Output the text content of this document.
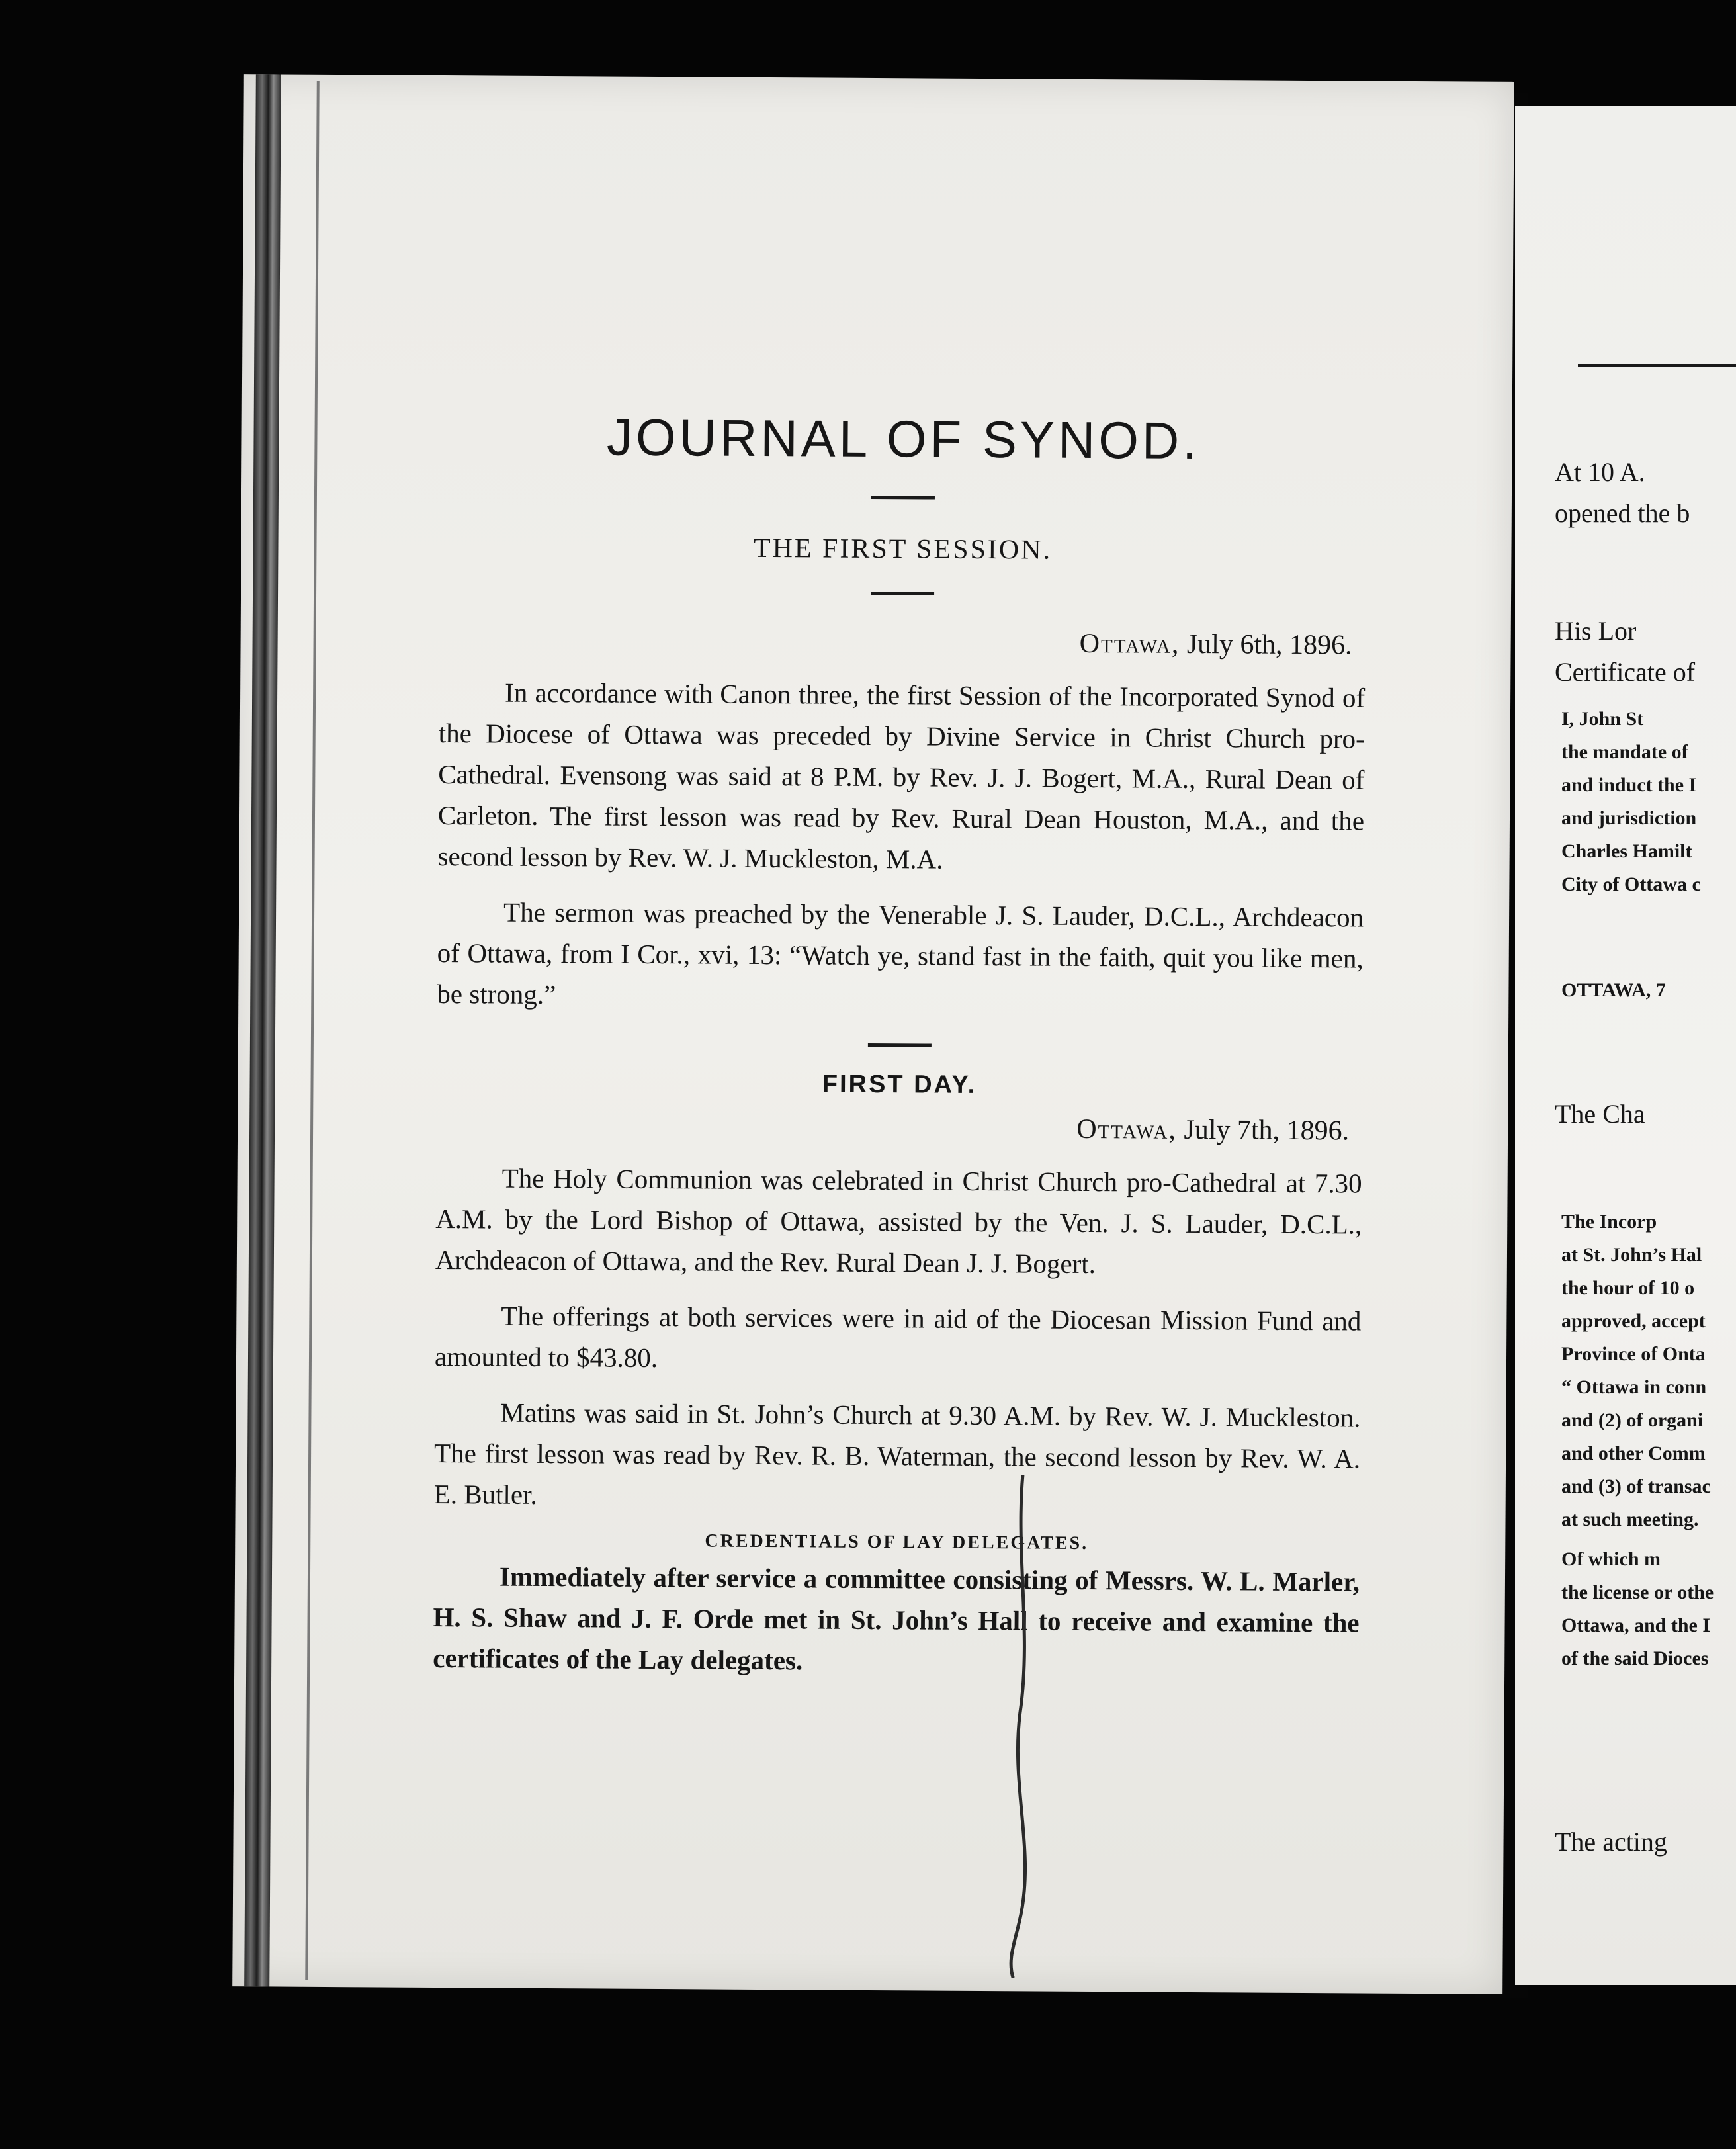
JOURNAL OF SYNOD.
THE FIRST SESSION.
Ottawa, July 6th, 1896.

In accordance with Canon three, the first Session of the Incorporated Synod of the Diocese of Ottawa was preceded by Divine Service in Christ Church pro-Cathedral. Evensong was said at 8 P.M. by Rev. J. J. Bogert, M.A., Rural Dean of Carleton. The first lesson was read by Rev. Rural Dean Houston, M.A., and the second lesson by Rev. W. J. Muckleston, M.A.

The sermon was preached by the Venerable J. S. Lauder, D.C.L., Archdeacon of Ottawa, from I Cor., xvi, 13: “Watch ye, stand fast in the faith, quit you like men, be strong.”

FIRST DAY.
Ottawa, July 7th, 1896.

The Holy Communion was celebrated in Christ Church pro-Cathedral at 7.30 A.M. by the Lord Bishop of Ottawa, assisted by the Ven. J. S. Lauder, D.C.L., Archdeacon of Ottawa, and the Rev. Rural Dean J. J. Bogert.

The offerings at both services were in aid of the Diocesan Mission Fund and amounted to $43.80.

Matins was said in St. John’s Church at 9.30 A.M. by Rev. W. J. Muckleston. The first lesson was read by Rev. R. B. Waterman, the second lesson by Rev. W. A. E. Butler.

CREDENTIALS OF LAY DELEGATES.

Immediately after service a committee consisting of Messrs. W. L. Marler, H. S. Shaw and J. F. Orde met in St. John’s Hall to receive and examine the certificates of the Lay delegates.

At 10 A.
opened the b
His Lor
Certificate of
I, John St
the mandate of
and induct the I
and jurisdiction
Charles Hamilt
City of Ottawa c
OTTAWA, 7
The Cha
The Incorp
at St. John’s Hal
the hour of 10 o
approved, accept
Province of Onta
“ Ottawa in conn
and (2) of organi
and other Comm
and (3) of transac
at such meeting.
Of which m
the license or othe
Ottawa, and the I
of the said Dioces
The acting
